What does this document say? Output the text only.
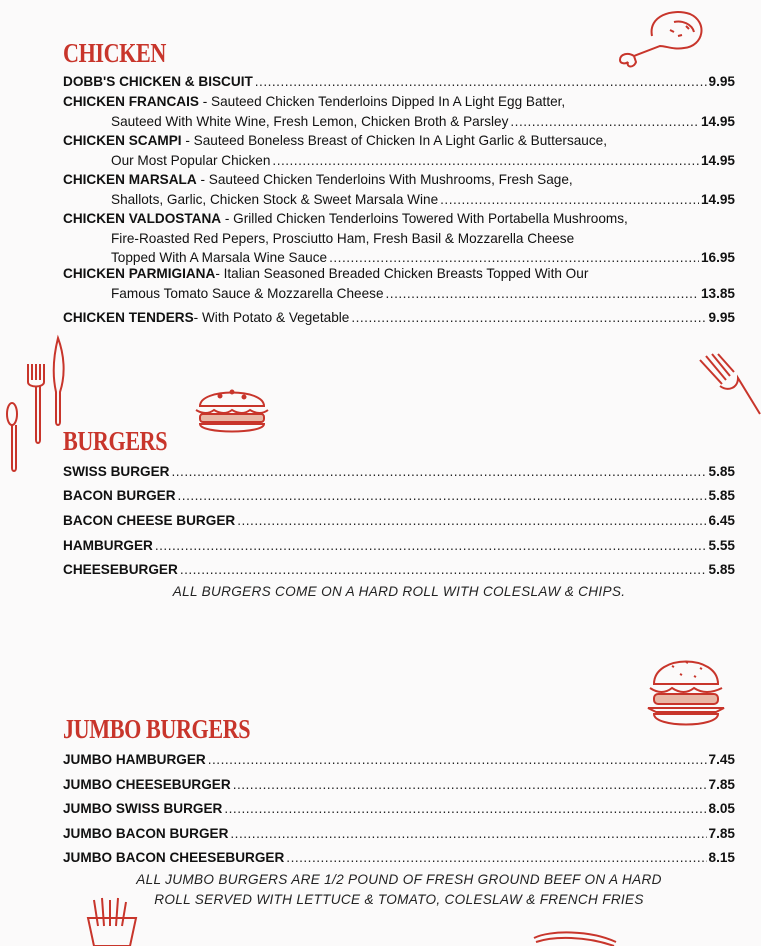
CHICKEN
DOBB'S CHICKEN & BISCUIT .....	9.95
CHICKEN FRANCAIS - Sauteed Chicken Tenderloins Dipped In A Light Egg Batter,
Sauteed With White Wine, Fresh Lemon, Chicken Broth & Parsley .....	14.95
CHICKEN SCAMPI - Sauteed Boneless Breast of Chicken In A Light Garlic & Buttersauce,
Our Most Popular Chicken .....	14.95
CHICKEN MARSALA - Sauteed Chicken Tenderloins With Mushrooms, Fresh Sage,
Shallots, Garlic, Chicken Stock & Sweet Marsala Wine .....	14.95
CHICKEN VALDOSTANA - Grilled Chicken Tenderloins Towered With Portabella Mushrooms,
Fire-Roasted Red Pepers, Prosciutto Ham, Fresh Basil & Mozzarella Cheese
Topped With A Marsala Wine Sauce .....	16.95
CHICKEN PARMIGIANA- Italian Seasoned Breaded Chicken Breasts Topped With Our
Famous Tomato Sauce & Mozzarella Cheese .....	13.85
CHICKEN TENDERS - With Potato & Vegetable .....	9.95
BURGERS
SWISS BURGER .....	5.85
BACON BURGER .....	5.85
BACON CHEESE BURGER .....	6.45
HAMBURGER .....	5.55
CHEESEBURGER .....	5.85
ALL BURGERS COME ON A HARD ROLL WITH COLESLAW & CHIPS.
JUMBO BURGERS
JUMBO HAMBURGER .....	7.45
JUMBO CHEESEBURGER .....	7.85
JUMBO SWISS BURGER .....	8.05
JUMBO BACON BURGER .....	7.85
JUMBO BACON CHEESEBURGER .....	8.15
ALL JUMBO BURGERS ARE 1/2 POUND OF FRESH GROUND BEEF ON A HARD
ROLL SERVED WITH LETTUCE & TOMATO, COLESLAW & FRENCH FRIES
